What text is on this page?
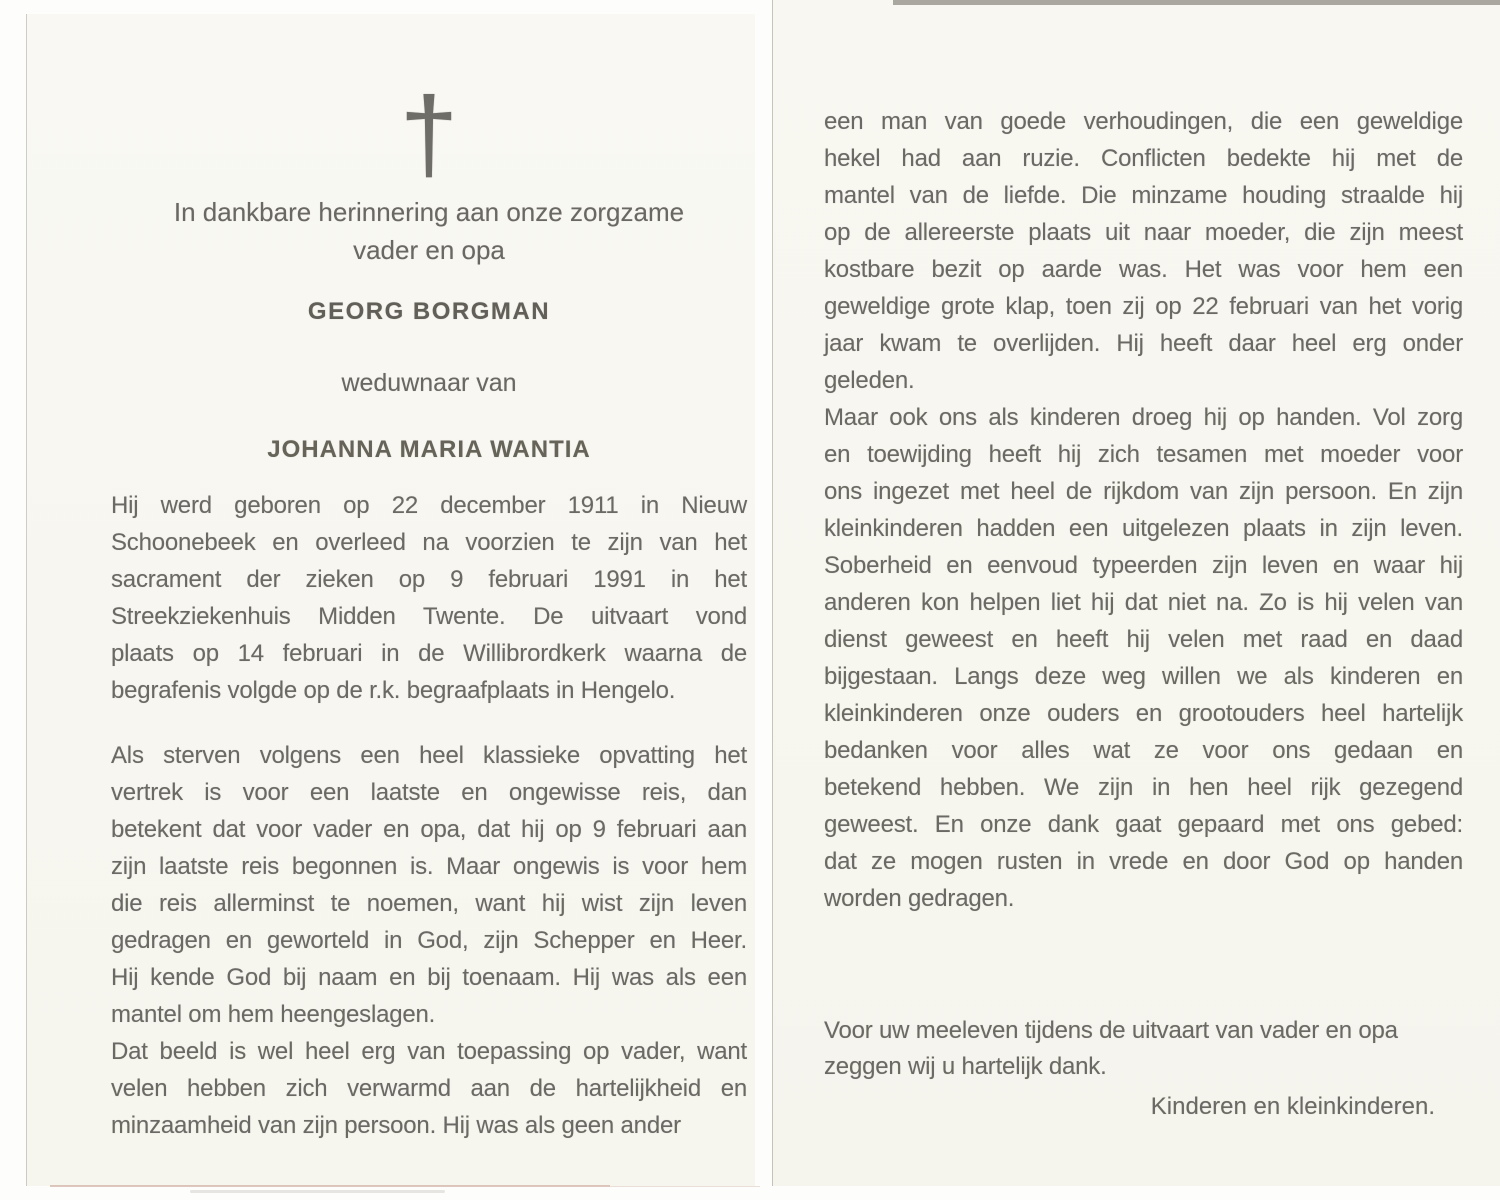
†
In dankbare herinnering aan onze zorgzame
vader en opa
GEORG BORGMAN
weduwnaar van
JOHANNA MARIA WANTIA
Hij werd geboren op 22 december 1911 in Nieuw
Schoonebeek en overleed na voorzien te zijn van het
sacrament der zieken op 9 februari 1991 in het
Streekziekenhuis Midden Twente. De uitvaart vond
plaats op 14 februari in de Willibrordkerk waarna de
begrafenis volgde op de r.k. begraafplaats in Hengelo.
Als sterven volgens een heel klassieke opvatting het
vertrek is voor een laatste en ongewisse reis, dan
betekent dat voor vader en opa, dat hij op 9 februari aan
zijn laatste reis begonnen is. Maar ongewis is voor hem
die reis allerminst te noemen, want hij wist zijn leven
gedragen en geworteld in God, zijn Schepper en Heer.
Hij kende God bij naam en bij toenaam. Hij was als een
mantel om hem heengeslagen.
Dat beeld is wel heel erg van toepassing op vader, want
velen hebben zich verwarmd aan de hartelijkheid en
minzaamheid van zijn persoon. Hij was als geen ander
een man van goede verhoudingen, die een geweldige
hekel had aan ruzie. Conflicten bedekte hij met de
mantel van de liefde. Die minzame houding straalde hij
op de allereerste plaats uit naar moeder, die zijn meest
kostbare bezit op aarde was. Het was voor hem een
geweldige grote klap, toen zij op 22 februari van het vorig
jaar kwam te overlijden. Hij heeft daar heel erg onder
geleden.
Maar ook ons als kinderen droeg hij op handen. Vol zorg
en toewijding heeft hij zich tesamen met moeder voor
ons ingezet met heel de rijkdom van zijn persoon. En zijn
kleinkinderen hadden een uitgelezen plaats in zijn leven.
Soberheid en eenvoud typeerden zijn leven en waar hij
anderen kon helpen liet hij dat niet na. Zo is hij velen van
dienst geweest en heeft hij velen met raad en daad
bijgestaan. Langs deze weg willen we als kinderen en
kleinkinderen onze ouders en grootouders heel hartelijk
bedanken voor alles wat ze voor ons gedaan en
betekend hebben. We zijn in hen heel rijk gezegend
geweest. En onze dank gaat gepaard met ons gebed:
dat ze mogen rusten in vrede en door God op handen
worden gedragen.
Voor uw meeleven tijdens de uitvaart van vader en opa
zeggen wij u hartelijk dank.
Kinderen en kleinkinderen.
